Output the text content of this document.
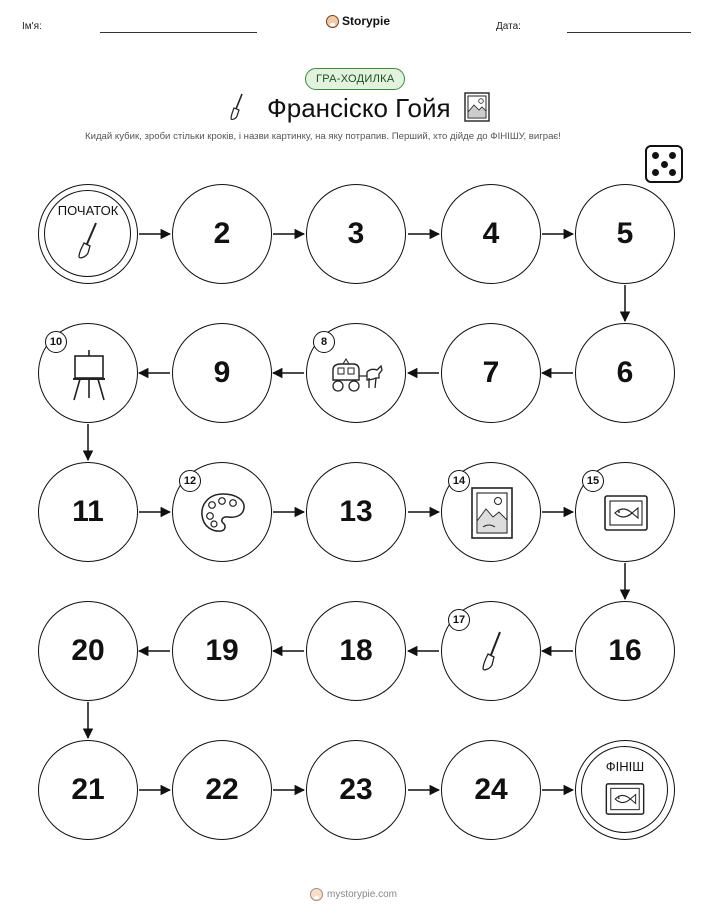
Ім'я:	Storypie	Дата:
ГРА-ХОДИЛКА
Франсіско Гойя
Кидай кубик, зроби стільки кроків, і назви картинку, на яку потрапив. Перший, хто дійде до ФІНІШУ, виграє!
ПОЧАТОК
2	3	4	5
10
9
8
7	6
11
12
13
14	15
20	19	18
17
16
21	22	23	24
ФІНІШ
mystorypie.com
